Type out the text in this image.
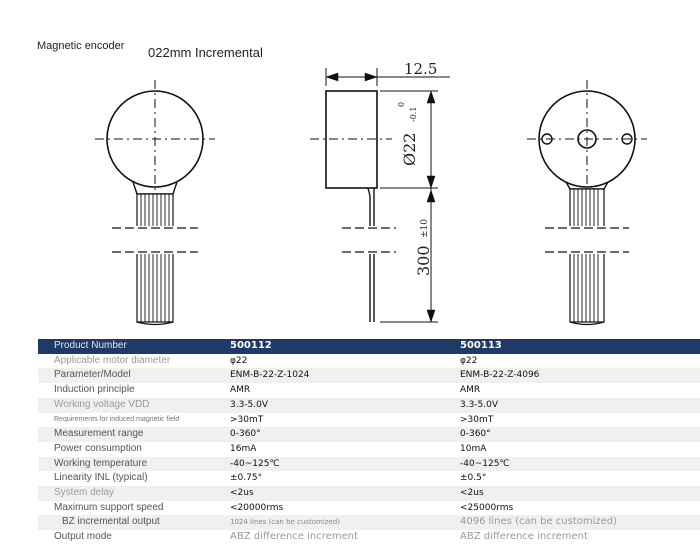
Magnetic encoder 022mm Incremental
12.5
Ø22
0
-0.1
300
±10
Product Number	500112	500113
Applicable motor diameter	φ22	φ22
Parameter/Model	ENM-B-22-Z-1024	ENM-B-22-Z-4096
Induction principle	AMR	AMR
Working voltage VDD	3.3-5.0V	3.3-5.0V
Requirements for induced magnetic field	>30mT	>30mT
Measurement range	0-360°	0-360°
Power consumption	16mA	10mA
Working temperature	-40~125℃	-40~125℃
Linearity INL (typical)	±0.75°	±0.5°
System delay	<2us	<2us
Maximum support speed	<20000rms	<25000rms
BZ incremental output	1024 lines (can be customized)	4096 lines (can be customized)
Output mode	ABZ difference increment	ABZ difference increment
